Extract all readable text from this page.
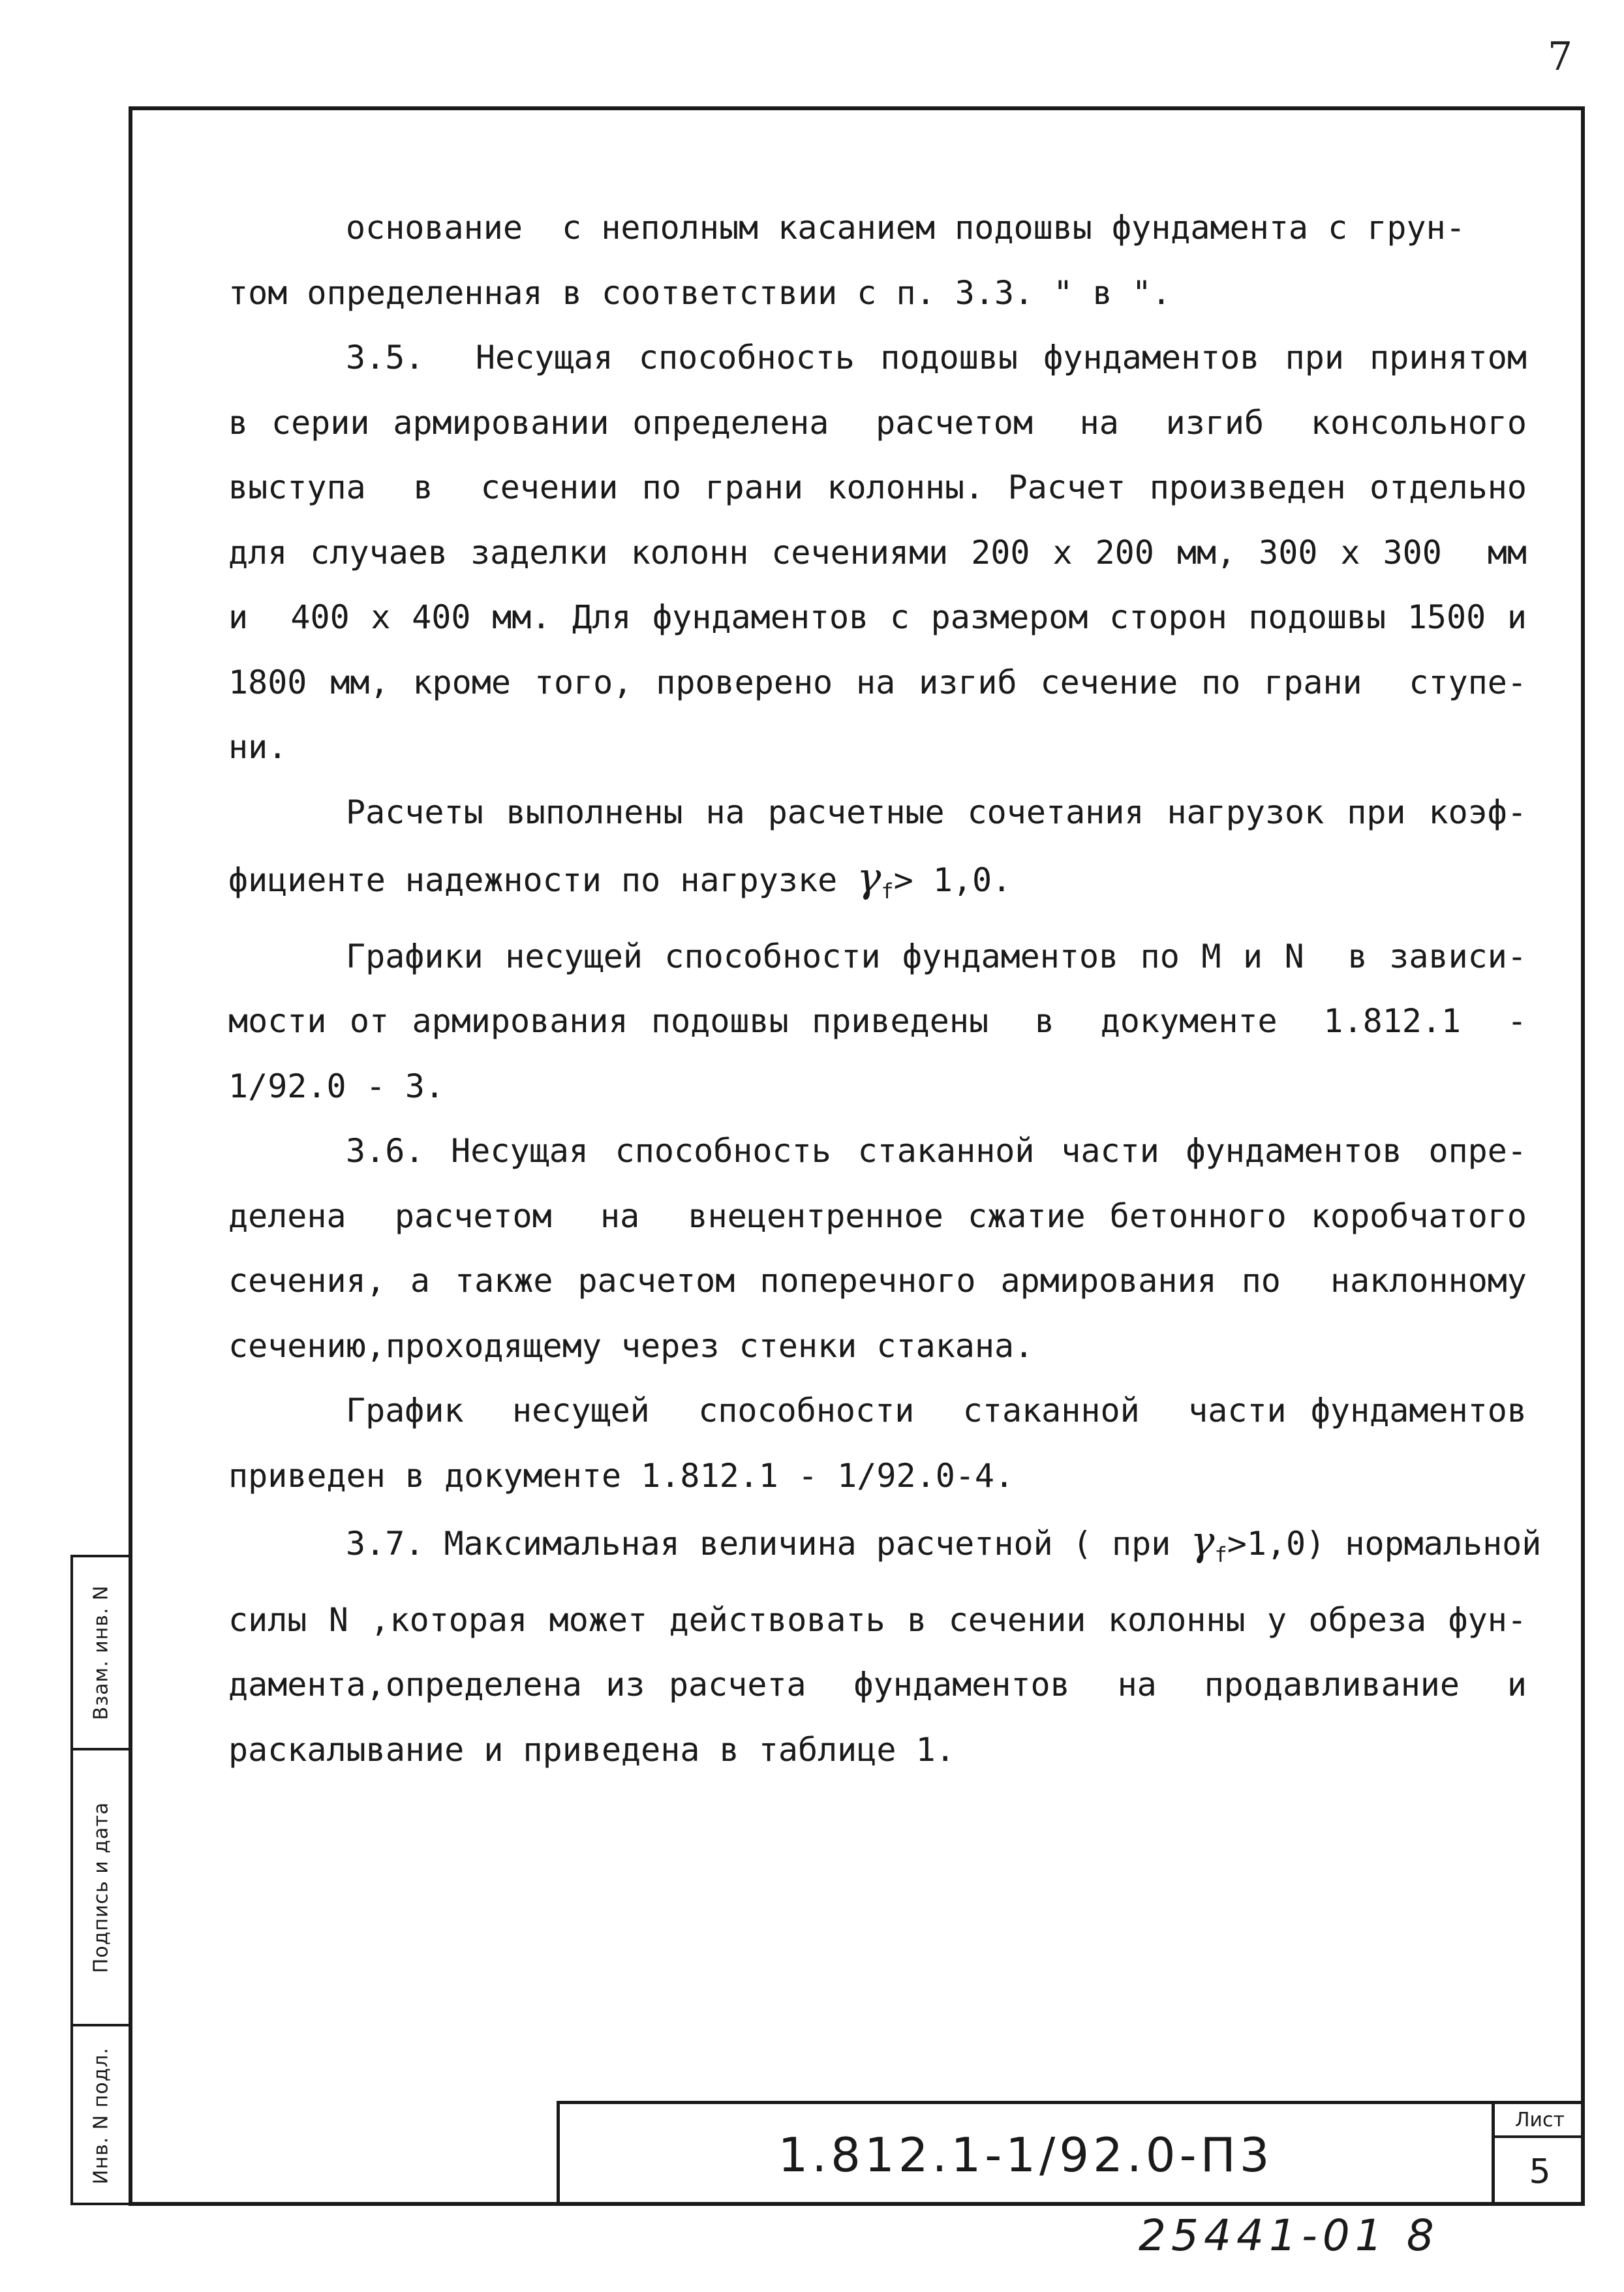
7

основание  с неполным касанием подошвы фундамента с грун-
том определенная в соответствии с п. 3.3. " в ".

3.5.  Несущая способность подошвы фундаментов при принятом
в серии армировании определена  расчетом  на  изгиб  консольного
выступа  в  сечении по грани колонны. Расчет произведен отдельно
для случаев заделки колонн сечениями 200 х 200 мм, 300 х 300  мм
и  400 х 400 мм. Для фундаментов с размером сторон подошвы 1500 и
1800 мм, кроме того, проверено на изгиб сечение по грани  ступе-
ни.

Расчеты выполнены на расчетные сочетания нагрузок при коэф-
фициенте надежности по нагрузке $\gamma_f> 1,0$.

Графики несущей способности фундаментов по М и N  в зависи-
мости от армирования подошвы приведены  в  документе  1.812.1  -
1/92.0 - 3.

3.6. Несущая способность стаканной части фундаментов опре-
делена  расчетом  на  внецентренное сжатие бетонного коробчатого
сечения, а также расчетом поперечного армирования по  наклонному
сечению,проходящему через стенки стакана.

График  несущей  способности  стаканной  части фундаментов
приведен в документе 1.812.1 - 1/92.0-4.

3.7. Максимальная величина расчетной ( при $\gamma_f>1,0$) нормальной
силы N ,которая может действовать в сечении колонны у обреза фун-
дамента,определена из расчета  фундаментов  на  продавливание  и
раскалывание и приведена в таблице 1.

Взам. инв. N
Подпись и дата
Инв. N подл.	1.812.1-1/92.0-П3
Лист
5
25441-01 8
